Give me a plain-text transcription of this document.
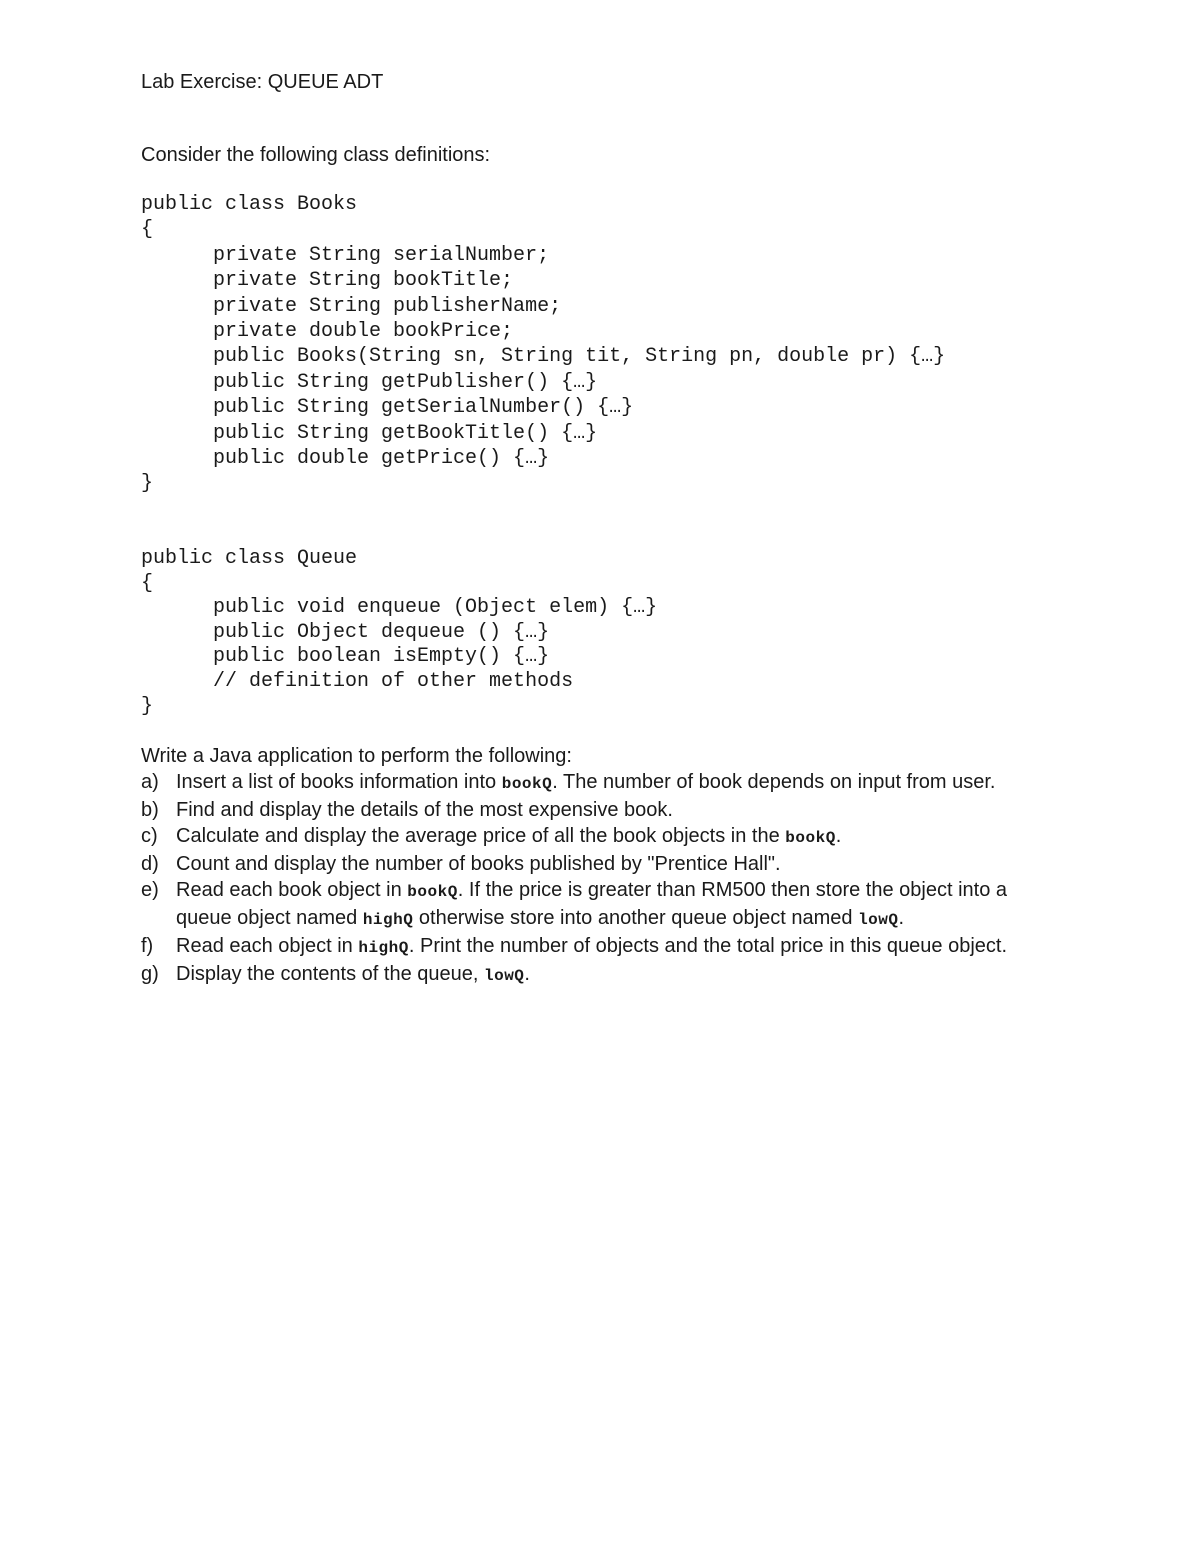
Lab Exercise: QUEUE ADT

Consider the following class definitions:

public class Books
{
private String serialNumber;
private String bookTitle;
private String publisherName;
private double bookPrice;
public Books(String sn, String tit, String pn, double pr) {…}
public String getPublisher() {…}
public String getSerialNumber() {…}
public String getBookTitle() {…}
public double getPrice() {…}
}
public class Queue
{
public void enqueue (Object elem) {…}
public Object dequeue () {…}
public boolean isEmpty() {…}
// definition of other methods
}

Write a Java application to perform the following:

a) Insert a list of books information into bookQ. The number of book depends on input from user.
b) Find and display the details of the most expensive book.
c) Calculate and display the average price of all the book objects in the bookQ.
d) Count and display the number of books published by "Prentice Hall".
e) Read each book object in bookQ. If the price is greater than RM500 then store the object into a queue object named highQ otherwise store into another queue object named lowQ.
f)	Read each object in highQ. Print the number of objects and the total price in this queue object.
g) Display the contents of the queue, lowQ.
